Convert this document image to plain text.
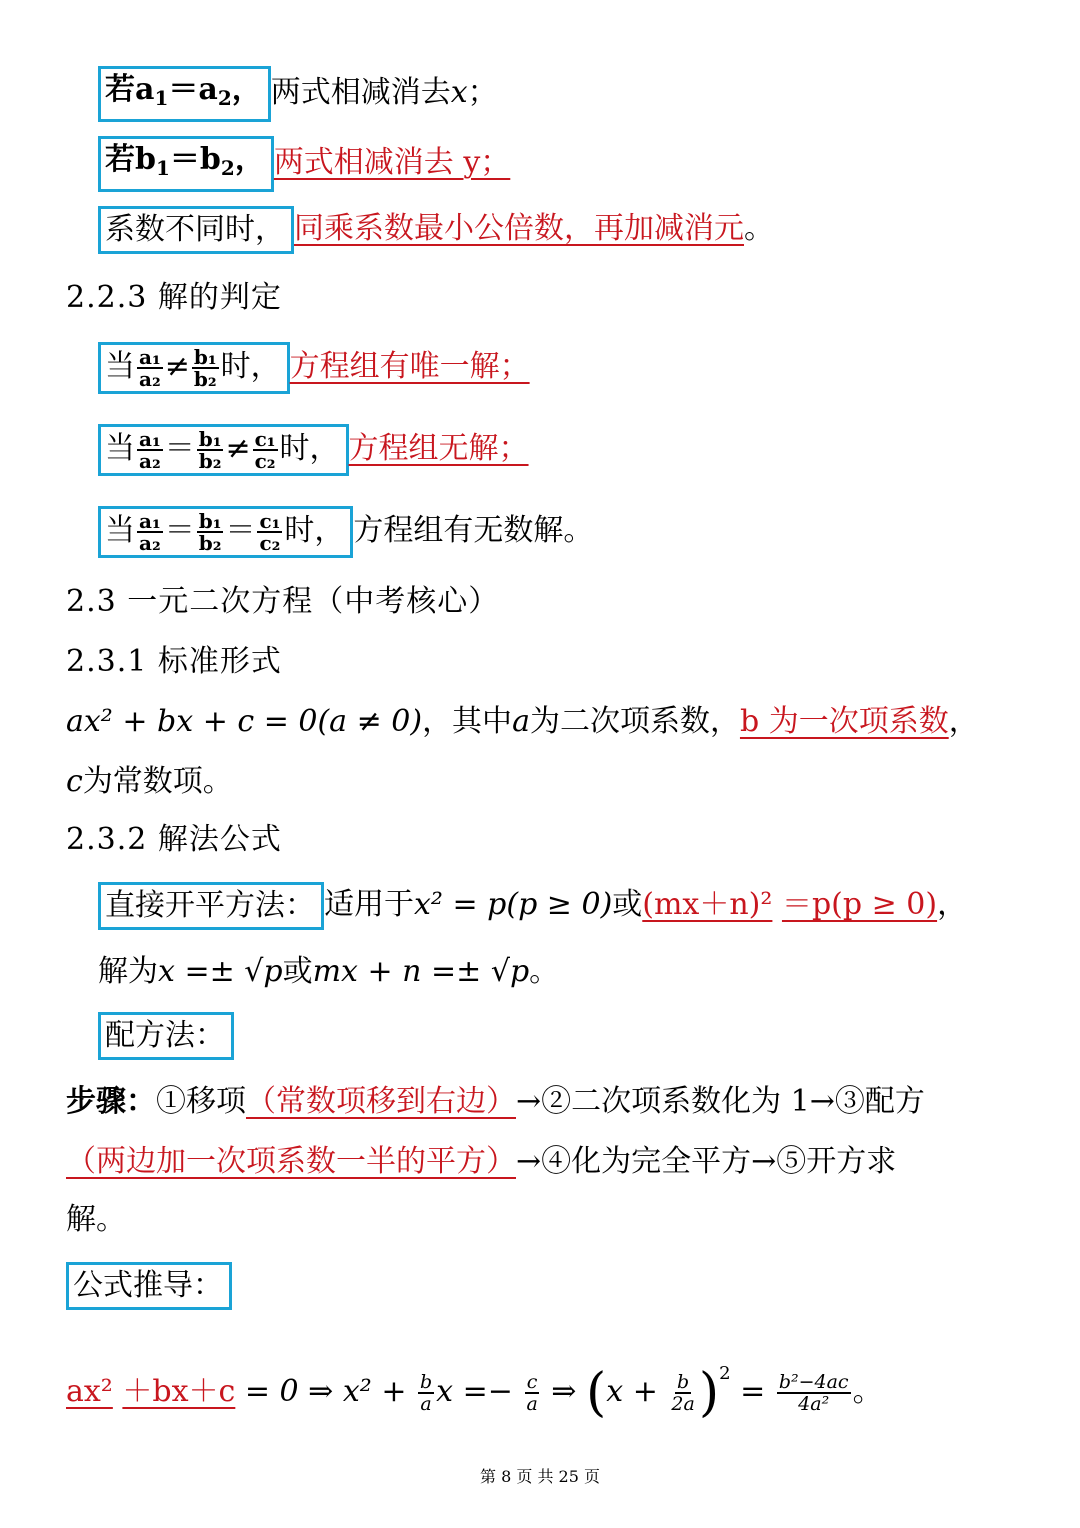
若$a_1=a_2$， 两式相减消去x；
若$b_1=b_2$， 两式相减消去 y；
系数不同时， 同乘系数最小公倍数，再加减消元。
2.2.3 解的判定
当 $\frac{\text{a₁}}{\text{a₂}} \ne \frac{\text{b₁}}{\text{b₂}}$ 时， 方程组有唯一解；
当 $\frac{\text{a₁}}{\text{a₂}} = \frac{\text{b₁}}{\text{b₂}} \ne \frac{\text{c₁}}{\text{c₂}}$ 时， 方程组无解；
当 $\frac{\text{a₁}}{\text{a₂}} = \frac{\text{b₁}}{\text{b₂}} = \frac{\text{c₁}}{\text{c₂}}$ 时， 方程组有无数解。
2.3 一元二次方程（中考核心）
2.3.1 标准形式
ax² + bx + c = 0(a ≠ 0)，其中a为二次项系数，b 为一次项系数，
c为常数项。
2.3.2 解法公式
直接开平方法： 适用于x² = p(p ≥ 0)或(mx＋n)² ＝p(p ≥ 0)，
解为x =± √p或mx + n =± √p。
配方法：
步骤：①移项（常数项移到右边）→②二次项系数化为 1→③配方
（两边加一次项系数一半的平方）→④化为完全平方→⑤开方求
解。
公式推导：
ax² ＋bx＋c = 0 ⇒ $x^2 + \frac{b}{a}$ $x =- \frac{c}{a}$ ⇒ $(x + \frac{b}{2a} )^2 = \frac{\text{b²−4ac}}{\text{4a²}}$ 。
第 8 页 共 25 页
